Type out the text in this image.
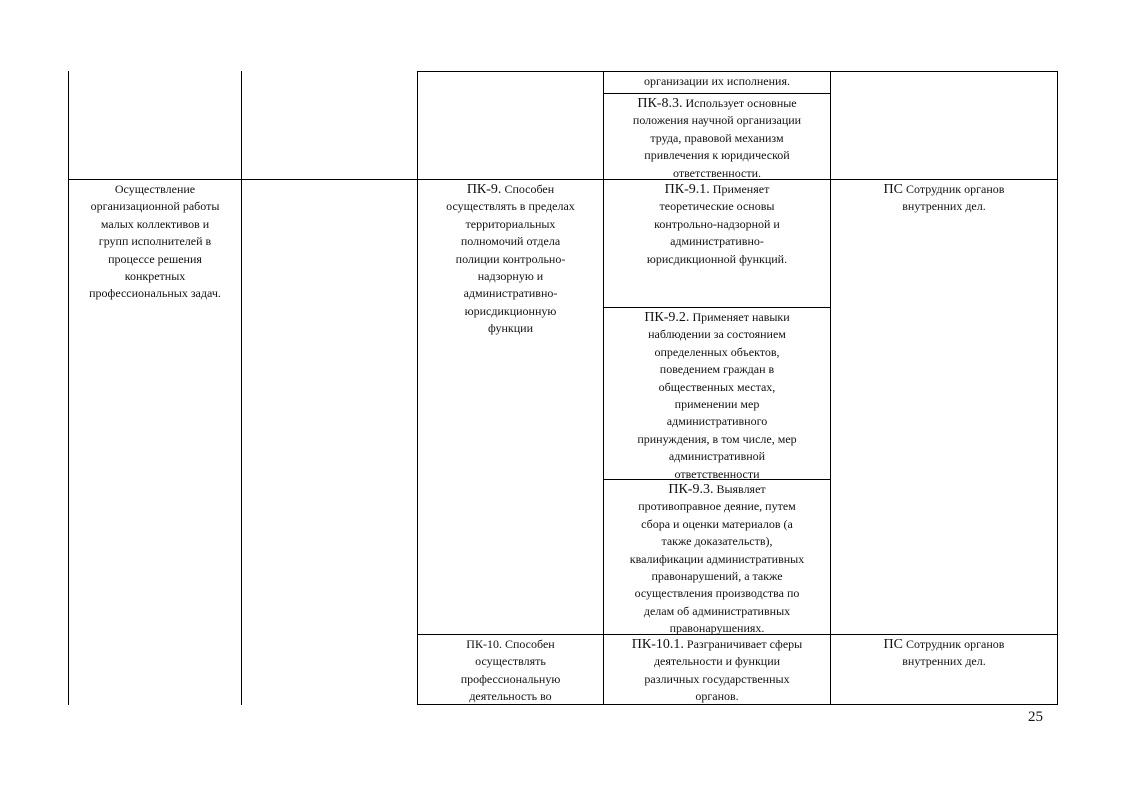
организации их исполнения.
ПК-8.3. Использует основные
положения научной организации
труда, правовой механизм
привлечения к юридической
ответственности.
Осуществление
организационной работы
малых коллективов и
групп исполнителей в
процессе решения
конкретных
профессиональных задач.
ПК-9. Способен
осуществлять в пределах
территориальных
полномочий отдела
полиции контрольно-
надзорную и
административно-
юрисдикционную
функции
ПК-9.1. Применяет
теоретические основы
контрольно-надзорной и
административно-
юрисдикционной функций.
ПК-9.2. Применяет навыки
наблюдении за состоянием
определенных объектов,
поведением граждан в
общественных местах,
применении мер
административного
принуждения, в том числе, мер
административной
ответственности
ПК-9.3. Выявляет
противоправное деяние, путем
сбора и оценки материалов (а
также доказательств),
квалификации административных
правонарушений, а также
осуществления производства по
делам об административных
правонарушениях.
ПС Сотрудник органов
внутренних дел.
ПК-10. Способен
осуществлять
профессиональную
деятельность во
ПК-10.1. Разграничивает сферы
деятельности и функции
различных государственных
органов.
ПС Сотрудник органов
внутренних дел.
25
